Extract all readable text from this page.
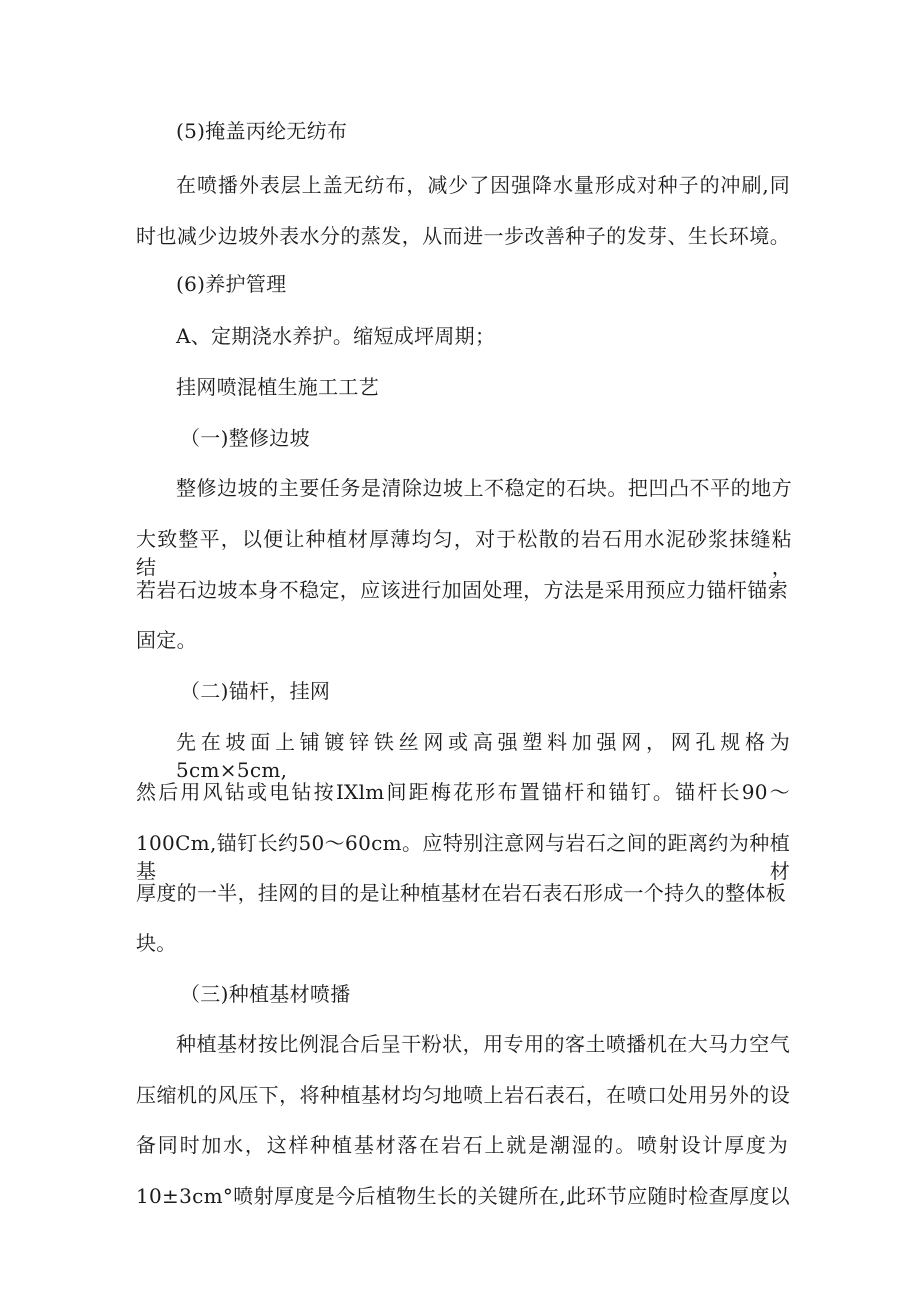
(5)掩盖丙纶无纺布
在喷播外表层上盖无纺布，减少了因强降水量形成对种子的冲刷,同
时也减少边坡外表水分的蒸发，从而进一步改善种子的发芽、生长环境。
(6)养护管理
A、定期浇水养护。缩短成坪周期；
挂网喷混植生施工工艺
（一)整修边坡
整修边坡的主要任务是清除边坡上不稳定的石块。把凹凸不平的地方
大致整平，以便让种植材厚薄均匀，对于松散的岩石用水泥砂浆抹缝粘结，
若岩石边坡本身不稳定，应该进行加固处理，方法是采用预应力锚杆锚索
固定。
（二)锚杆，挂网
先在坡面上铺镀锌铁丝网或高强塑料加强网，网孔规格为5cm×5cm,
然后用风钻或电钻按IXlm间距梅花形布置锚杆和锚钉。锚杆长90～
100Cm,锚钉长约50～60cm。应特别注意网与岩石之间的距离约为种植基材
厚度的一半，挂网的目的是让种植基材在岩石表石形成一个持久的整体板
块。
（三)种植基材喷播
种植基材按比例混合后呈干粉状，用专用的客土喷播机在大马力空气
压缩机的风压下，将种植基材均匀地喷上岩石表石，在喷口处用另外的设
备同时加水，这样种植基材落在岩石上就是潮湿的。喷射设计厚度为
10±3cm°喷射厚度是今后植物生长的关键所在,此环节应随时检查厚度以
